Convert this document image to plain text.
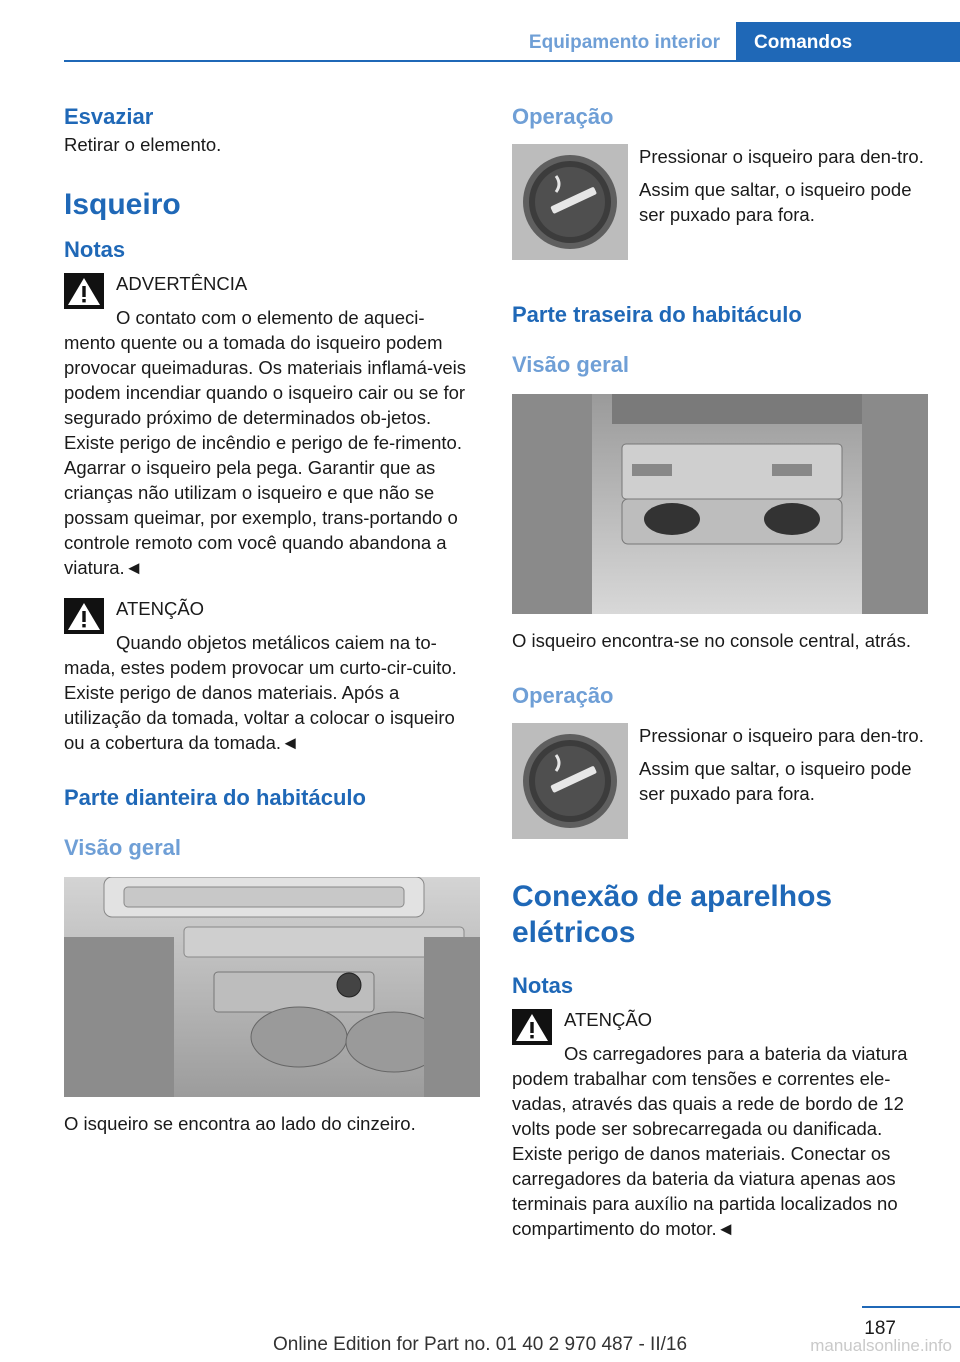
Equipamento interior	Comandos
Esvaziar

Retirar o elemento.

Isqueiro
Notas
ADVERTÊNCIA
O contato com o elemento de aqueci-
mento quente ou a tomada do isqueiro podem provocar queimaduras. Os materiais inflamá-veis podem incendiar quando o isqueiro cair ou se for segurado próximo de determinados ob-jetos. Existe perigo de incêndio e perigo de fe-rimento. Agarrar o isqueiro pela pega. Garantir que as crianças não utilizam o isqueiro e que não se possam queimar, por exemplo, trans-portando o controle remoto com você quando abandona a viatura.◄
ATENÇÃO
Quando objetos metálicos caiem na to-
mada, estes podem provocar um curto-cir-cuito. Existe perigo de danos materiais. Após a utilização da tomada, voltar a colocar o isqueiro ou a cobertura da tomada.◄
Parte dianteira do habitáculo
Visão geral

O isqueiro se encontra ao lado do cinzeiro.

Operação

Pressionar o isqueiro para den-tro.

Assim que saltar, o isqueiro pode ser puxado para fora.

Parte traseira do habitáculo
Visão geral

O isqueiro encontra-se no console central, atrás.

Operação

Pressionar o isqueiro para den-tro.

Assim que saltar, o isqueiro pode ser puxado para fora.

Conexão de aparelhos elétricos
Notas
ATENÇÃO
Os carregadores para a bateria da viatura
podem trabalhar com tensões e correntes ele-vadas, através das quais a rede de bordo de 12 volts pode ser sobrecarregada ou danificada. Existe perigo de danos materiais. Conectar os carregadores da bateria da viatura apenas aos terminais para auxílio na partida localizados no compartimento do motor.◄
187
Online Edition for Part no. 01 40 2 970 487 - II/16	manualsonline.info
